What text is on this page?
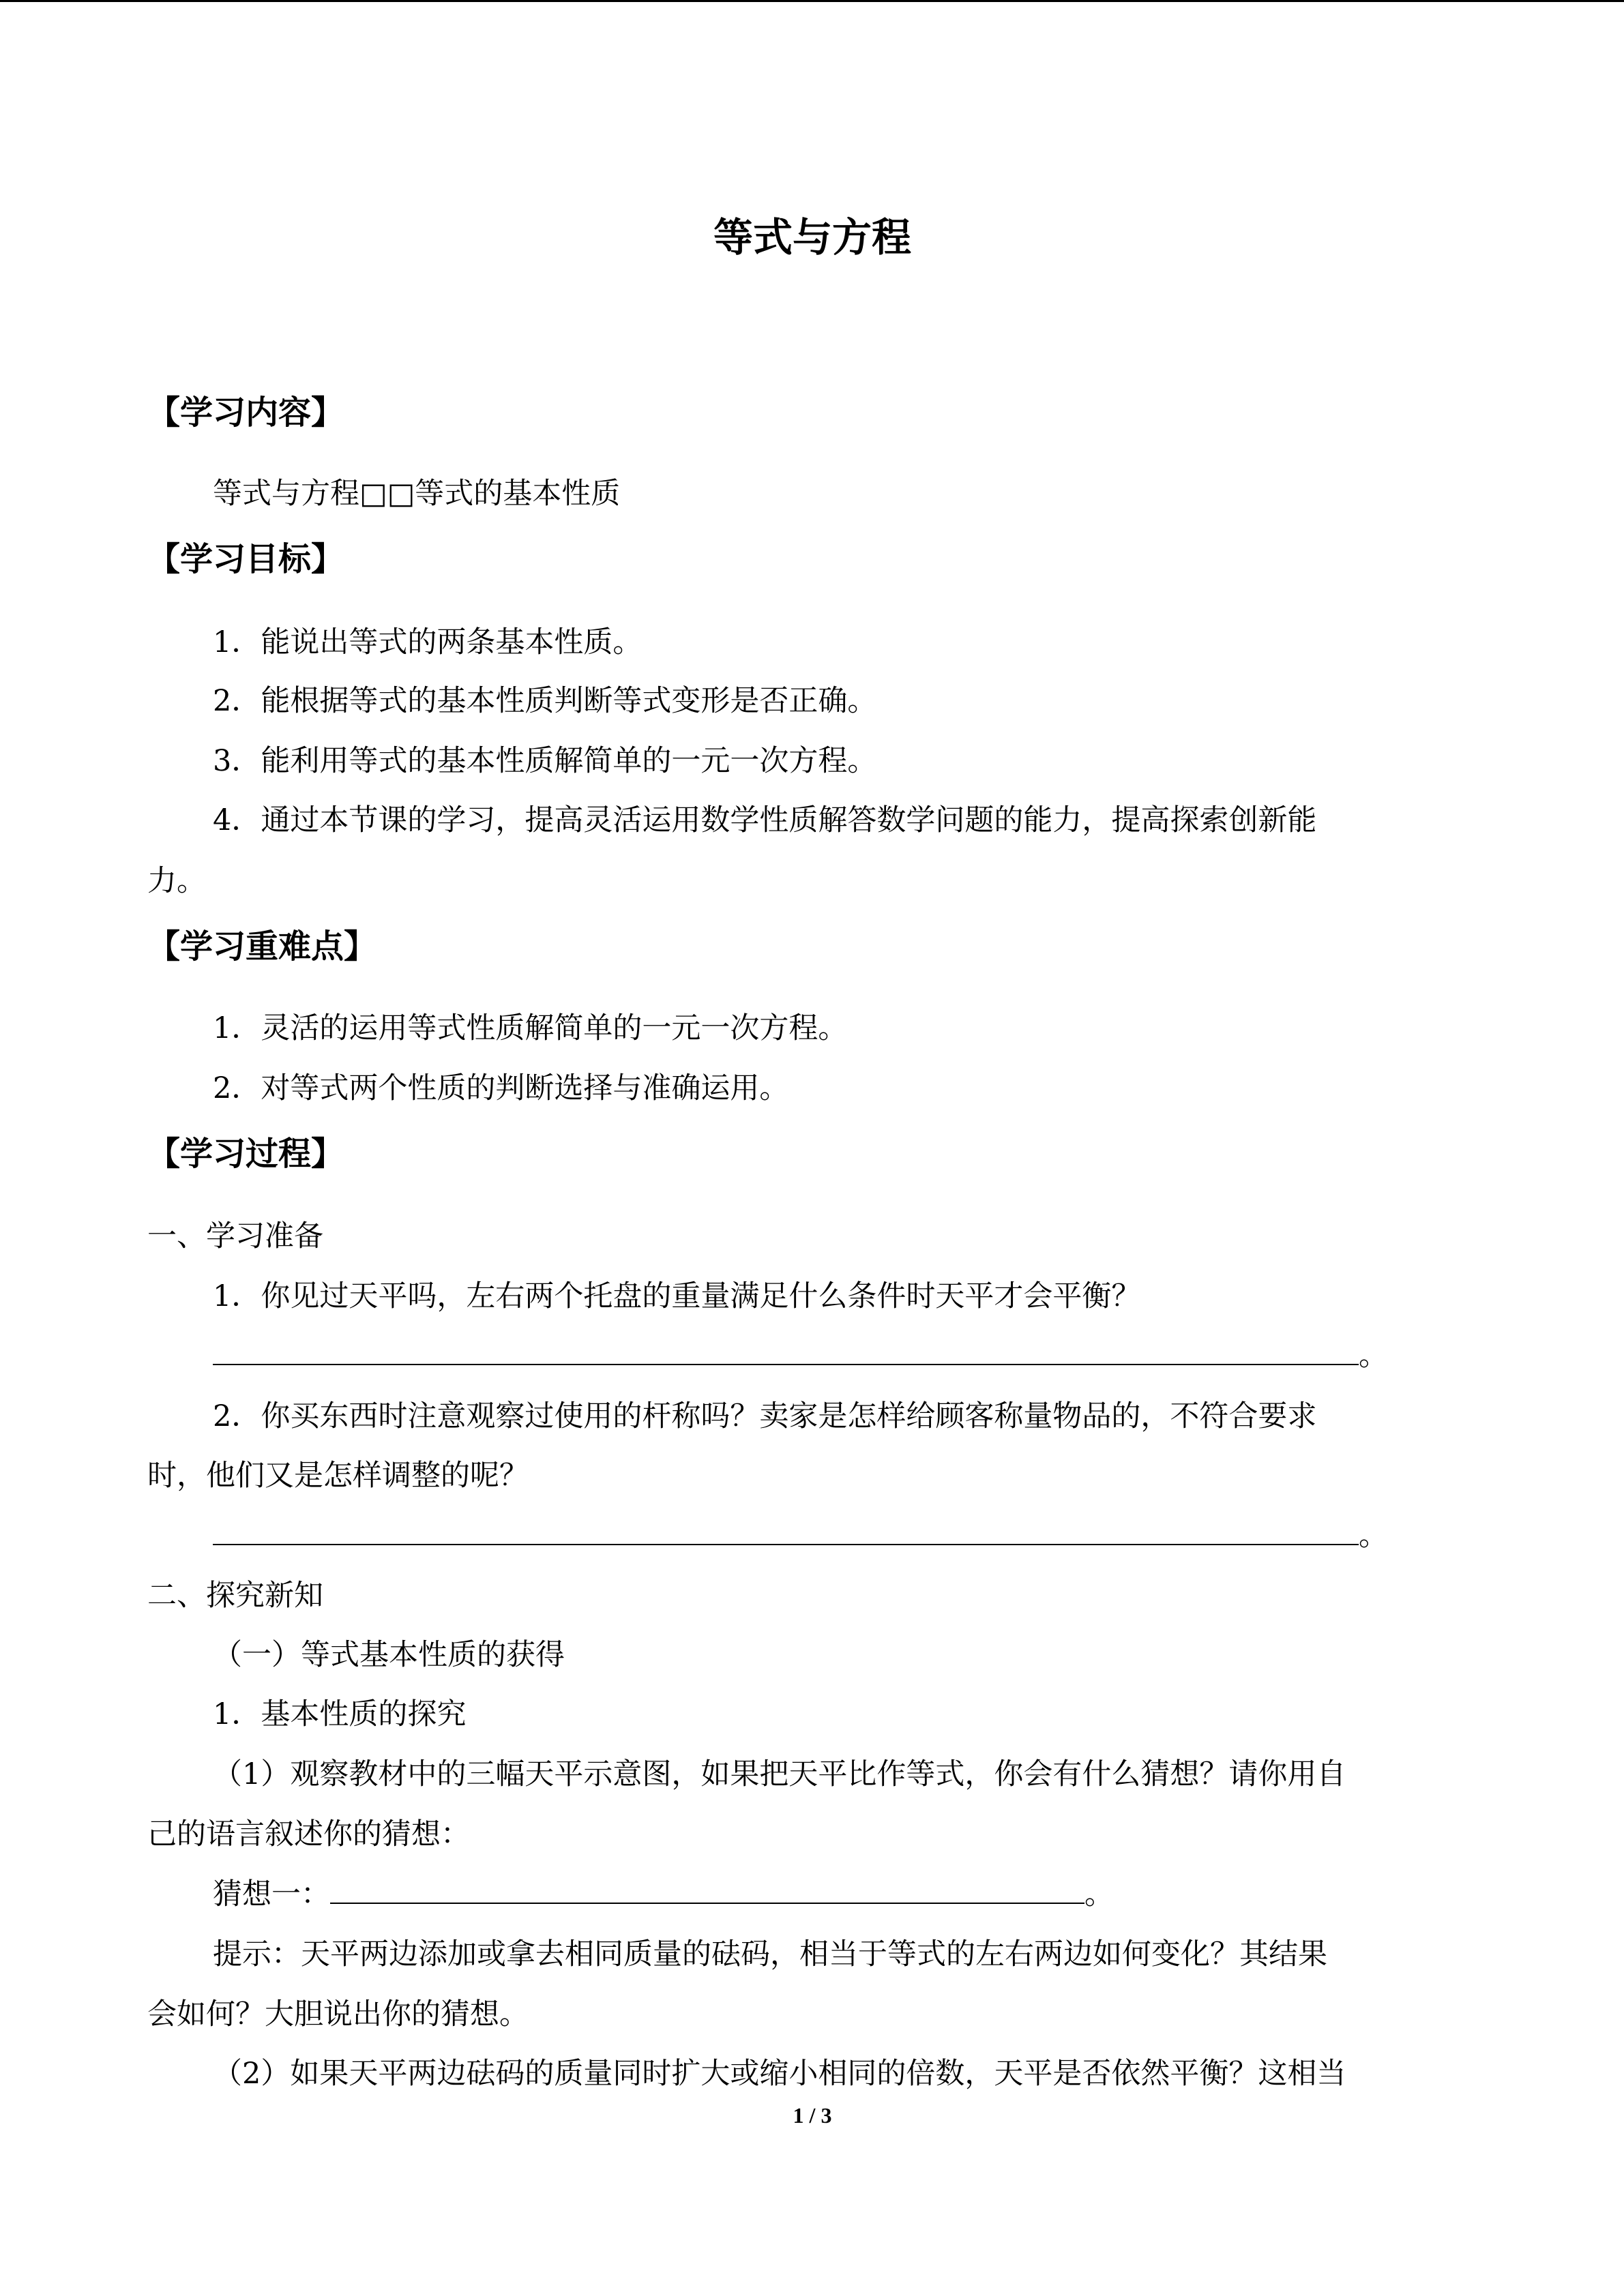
等式与方程
【学习内容】
等式与方程□□等式的基本性质
【学习目标】
1．能说出等式的两条基本性质。
2．能根据等式的基本性质判断等式变形是否正确。
3．能利用等式的基本性质解简单的一元一次方程。
4．通过本节课的学习，提高灵活运用数学性质解答数学问题的能力，提高探索创新能
力。
【学习重难点】
1．灵活的运用等式性质解简单的一元一次方程。
2．对等式两个性质的判断选择与准确运用。
【学习过程】
一、学习准备
1．你见过天平吗，左右两个托盘的重量满足什么条件时天平才会平衡？
。
2．你买东西时注意观察过使用的杆称吗？卖家是怎样给顾客称量物品的，不符合要求
时，他们又是怎样调整的呢？
。
二、探究新知
（一）等式基本性质的获得
1．基本性质的探究
（1）观察教材中的三幅天平示意图，如果把天平比作等式，你会有什么猜想？请你用自
己的语言叙述你的猜想：
猜想一：	。
提示：天平两边添加或拿去相同质量的砝码，相当于等式的左右两边如何变化？其结果
会如何？大胆说出你的猜想。
（2）如果天平两边砝码的质量同时扩大或缩小相同的倍数，天平是否依然平衡？这相当
1 / 3
